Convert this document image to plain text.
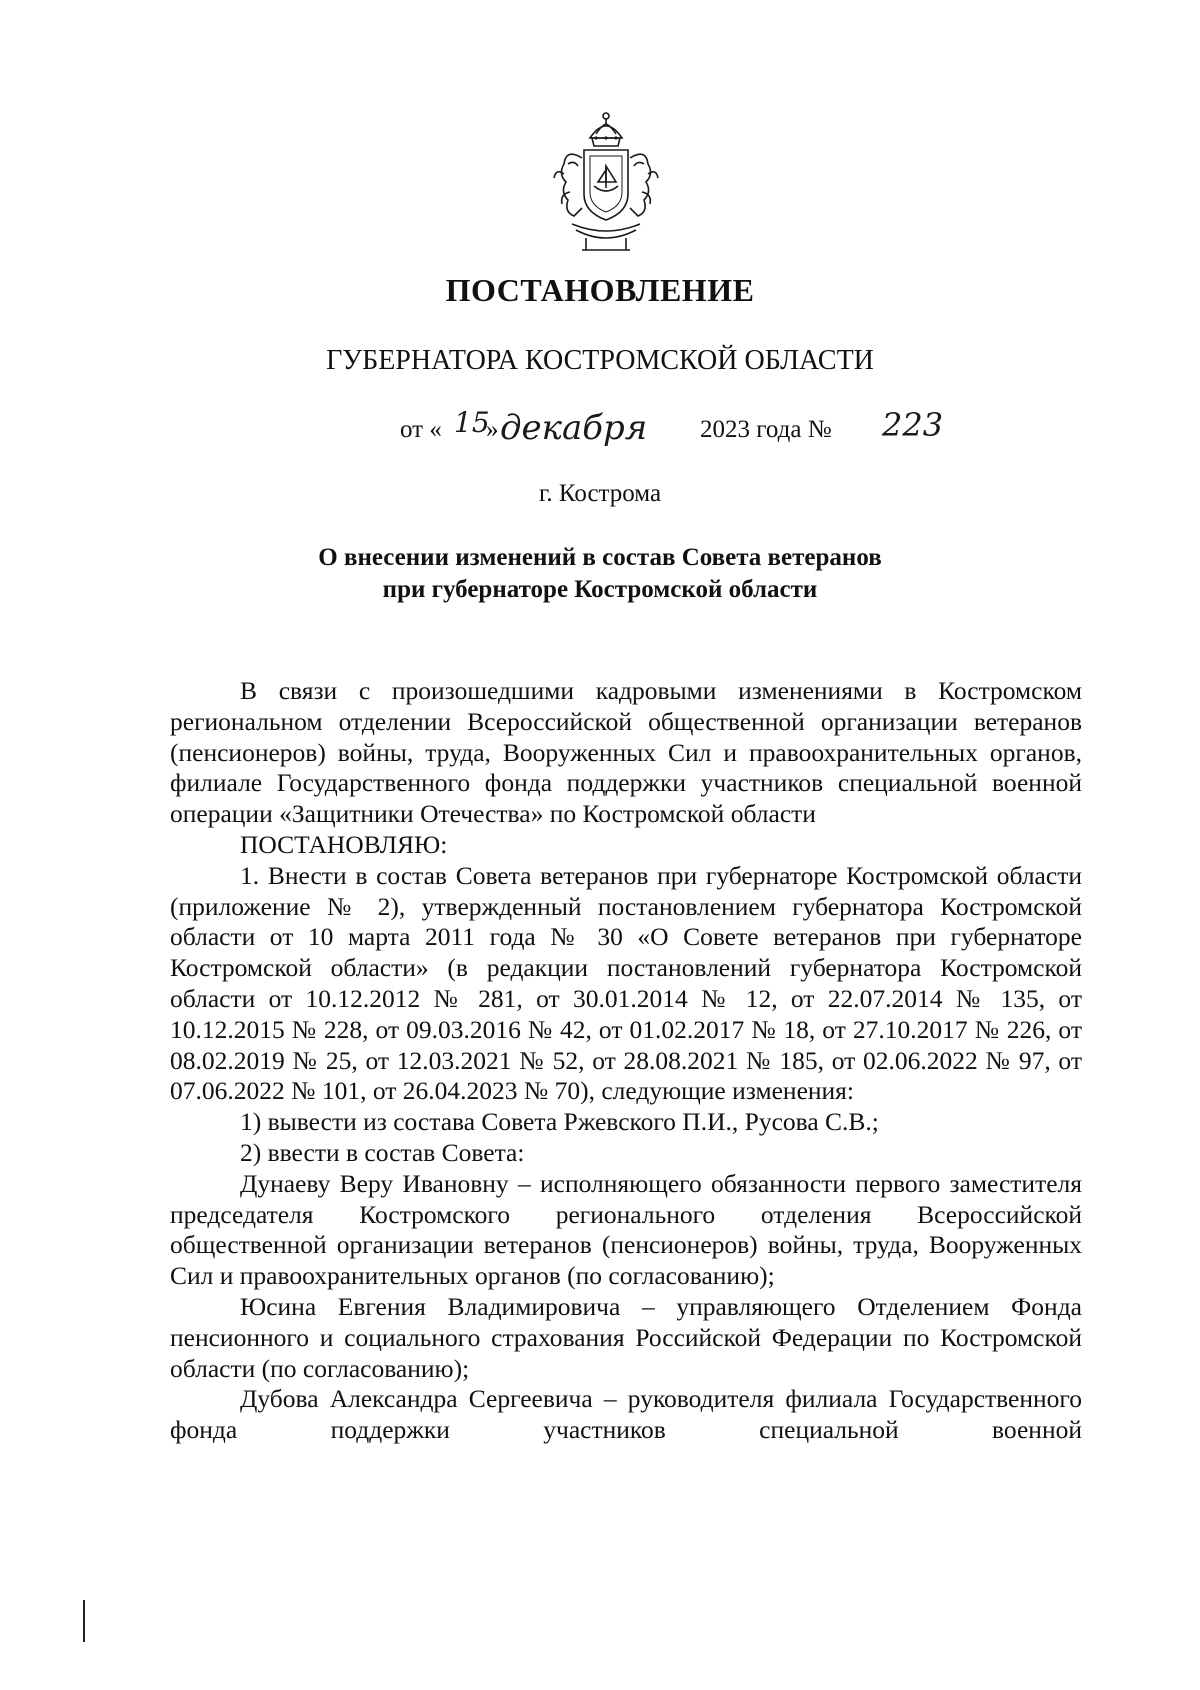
ПОСТАНОВЛЕНИЕ
ГУБЕРНАТОРА КОСТРОМСКОЙ ОБЛАСТИ
от « 15
» декабря 2023 года № 223
г. Кострома
О внесении изменений в состав Совета ветеранов
при губернаторе Костромской области

В связи с произошедшими кадровыми изменениями в Костромском региональном отделении Всероссийской общественной организации ветеранов (пенсионеров) войны, труда, Вооруженных Сил и правоохранительных органов, филиале Государственного фонда поддержки участников специальной военной операции «Защитники Отечества» по Костромской области

ПОСТАНОВЛЯЮ:

1. Внести в состав Совета ветеранов при губернаторе Костромской области (приложение № 2), утвержденный постановлением губернатора Костромской области от 10 марта 2011 года № 30 «О Совете ветеранов при губернаторе Костромской области» (в редакции постановлений губернатора Костромской области от 10.12.2012 № 281, от 30.01.2014 № 12, от 22.07.2014 № 135, от 10.12.2015 № 228, от 09.03.2016 № 42, от 01.02.2017 № 18, от 27.10.2017 № 226, от 08.02.2019 № 25, от 12.03.2021 № 52, от 28.08.2021 № 185, от 02.06.2022 № 97, от 07.06.2022 № 101, от 26.04.2023 № 70), следующие изменения:

1) вывести из состава Совета Ржевского П.И., Русова С.В.;

2) ввести в состав Совета:

Дунаеву Веру Ивановну – исполняющего обязанности первого заместителя председателя Костромского регионального отделения Всероссийской общественной организации ветеранов (пенсионеров) войны, труда, Вооруженных Сил и правоохранительных органов (по согласованию);

Юсина Евгения Владимировича – управляющего Отделением Фонда пенсионного и социального страхования Российской Федерации по Костромской области (по согласованию);

Дубова Александра Сергеевича – руководителя филиала Государственного фонда поддержки участников специальной военной
